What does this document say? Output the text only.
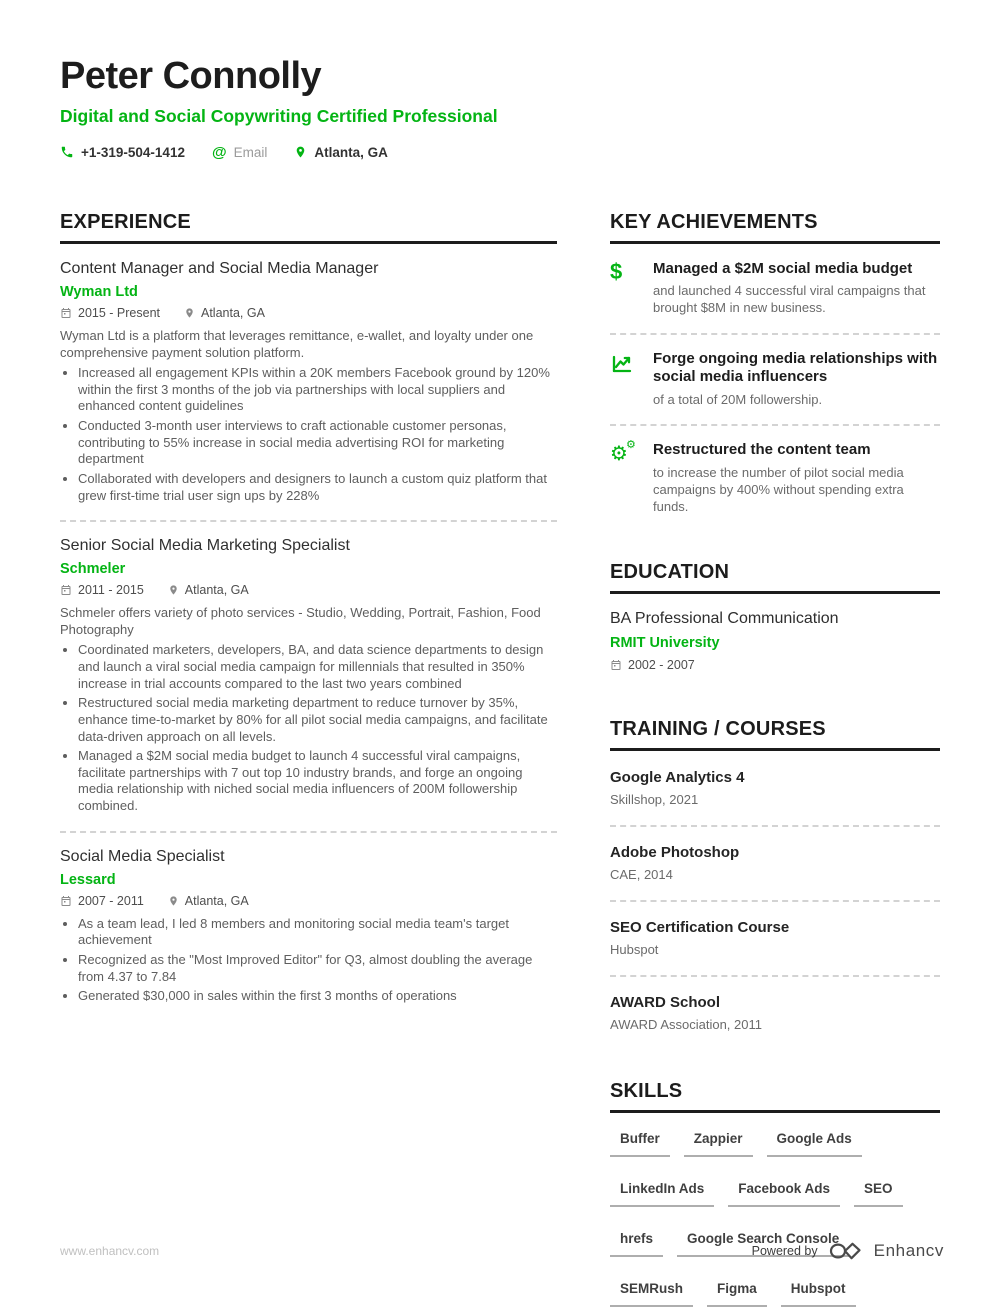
Peter Connolly
Digital and Social Copywriting Certified Professional
+1-319-504-1412 @ Email	Atlanta, GA
EXPERIENCE
Content Manager and Social Media Manager
Wyman Ltd
2015 - Present	Atlanta, GA

Wyman Ltd is a platform that leverages remittance, e-wallet, and loyalty under one comprehensive payment solution platform.

• Increased all engagement KPIs within a 20K members Facebook ground by 120% within the first 3 months of the job via partnerships with local suppliers and enhanced content guidelines
• Conducted 3-month user interviews to craft actionable customer personas, contributing to 55% increase in social media advertising ROI for marketing department
• Collaborated with developers and designers to launch a custom quiz platform that grew first-time trial user sign ups by 228%
Senior Social Media Marketing Specialist
Schmeler
2011 - 2015	Atlanta, GA

Schmeler offers variety of photo services - Studio, Wedding, Portrait, Fashion, Food Photography

• Coordinated marketers, developers, BA, and data science departments to design and launch a viral social media campaign for millennials that resulted in 350% increase in trial accounts compared to the last two years combined
• Restructured social media marketing department to reduce turnover by 35%, enhance time-to-market by 80% for all pilot social media campaigns, and facilitate data-driven approach on all levels.
• Managed a $2M social media budget to launch 4 successful viral campaigns, facilitate partnerships with 7 out top 10 industry brands, and forge an ongoing media relationship with niched social media influencers of 200M followership combined.
Social Media Specialist
Lessard
2007 - 2011	Atlanta, GA
• As a team lead, I led 8 members and monitoring social media team's target achievement
• Recognized as the "Most Improved Editor" for Q3, almost doubling the average from 4.37 to 7.84
• Generated $30,000 in sales within the first 3 months of operations
KEY ACHIEVEMENTS
$	Managed a $2M social media budget
and launched 4 successful viral campaigns that brought $8M in new business.
Forge ongoing media relationships with social media influencers
of a total of 20M followership.
⚙
⚙ Restructured the content team
to increase the number of pilot social media campaigns by 400% without spending extra funds.
EDUCATION
BA Professional Communication
RMIT University
2002 - 2007
TRAINING / COURSES
Google Analytics 4
Skillshop, 2021
Adobe Photoshop
CAE, 2014
SEO Certification Course
Hubspot
AWARD School
AWARD Association, 2011
SKILLS
Buffer	Zappier	Google Ads
LinkedIn Ads	Facebook Ads	SEO
hrefs	Google Search Console
SEMRush	Figma	Hubspot
www.enhancv.com	Powered by	Enhancv
